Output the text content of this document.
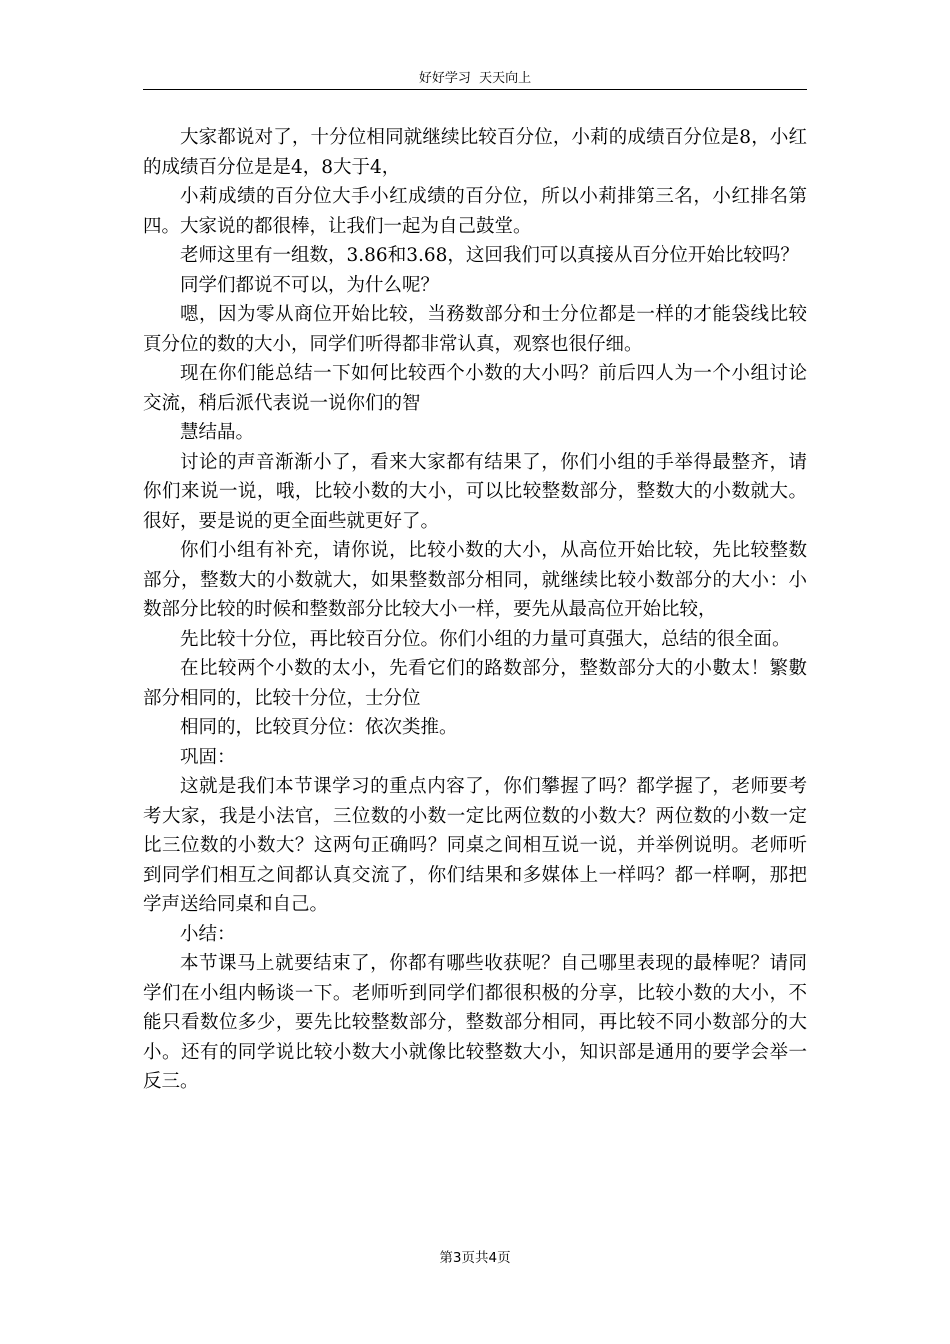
好好学习  天天向上

大家都说对了，十分位相同就继续比较百分位，小莉的成绩百分位是8，小红的成绩百分位是是4，8大于4，

小莉成绩的百分位大手小红成绩的百分位，所以小莉排第三名，小红排名第四。大家说的都很棒，让我们一起为自己鼓堂。

老师这里有一组数，3.86和3.68，这回我们可以真接从百分位开始比较吗？

同学们都说不可以，为什么呢？

嗯，因为零从商位开始比较，当務数部分和士分位都是一样的才能袋线比较頁分位的数的大小，同学们听得都非常认真，观察也很仔细。

现在你们能总结一下如何比较西个小数的大小吗？前后四人为一个小组讨论交流，稍后派代表说一说你们的智

慧结晶。

讨论的声音渐渐小了，看来大家都有结果了，你们小组的手举得最整齐，请你们来说一说，哦，比较小数的大小，可以比较整数部分，整数大的小数就大。很好，要是说的更全面些就更好了。

你们小组有补充，请你说，比较小数的大小，从高位开始比较，先比较整数部分，整数大的小数就大，如果整数部分相同，就继续比较小数部分的大小：小数部分比较的时候和整数部分比较大小一样，要先从最高位开始比较，

先比较十分位，再比较百分位。你们小组的力量可真强大，总结的很全面。

在比较两个小数的太小，先看它们的路数部分，整数部分大的小數太！繁數部分相同的，比较十分位，士分位

相同的，比较頁分位：依次类推。

巩固：

这就是我们本节课学习的重点内容了，你们攀握了吗？都学握了，老师要考考大家，我是小法官，三位数的小数一定比两位数的小数大？两位数的小数一定比三位数的小数大？这两句正确吗？同桌之间相互说一说，并举例说明。老师听到同学们相互之间都认真交流了，你们结果和多媒体上一样吗？都一样啊，那把学声送给同桌和自己。

小结：

本节课马上就要结束了，你都有哪些收获呢？自己哪里表现的最棒呢？请同学们在小组内畅谈一下。老师听到同学们都很积极的分享，比较小数的大小，不能只看数位多少，要先比较整数部分，整数部分相同，再比较不同小数部分的大小。还有的同学说比较小数大小就像比较整数大小，知识部是通用的要学会举一反三。

第3页共4页
